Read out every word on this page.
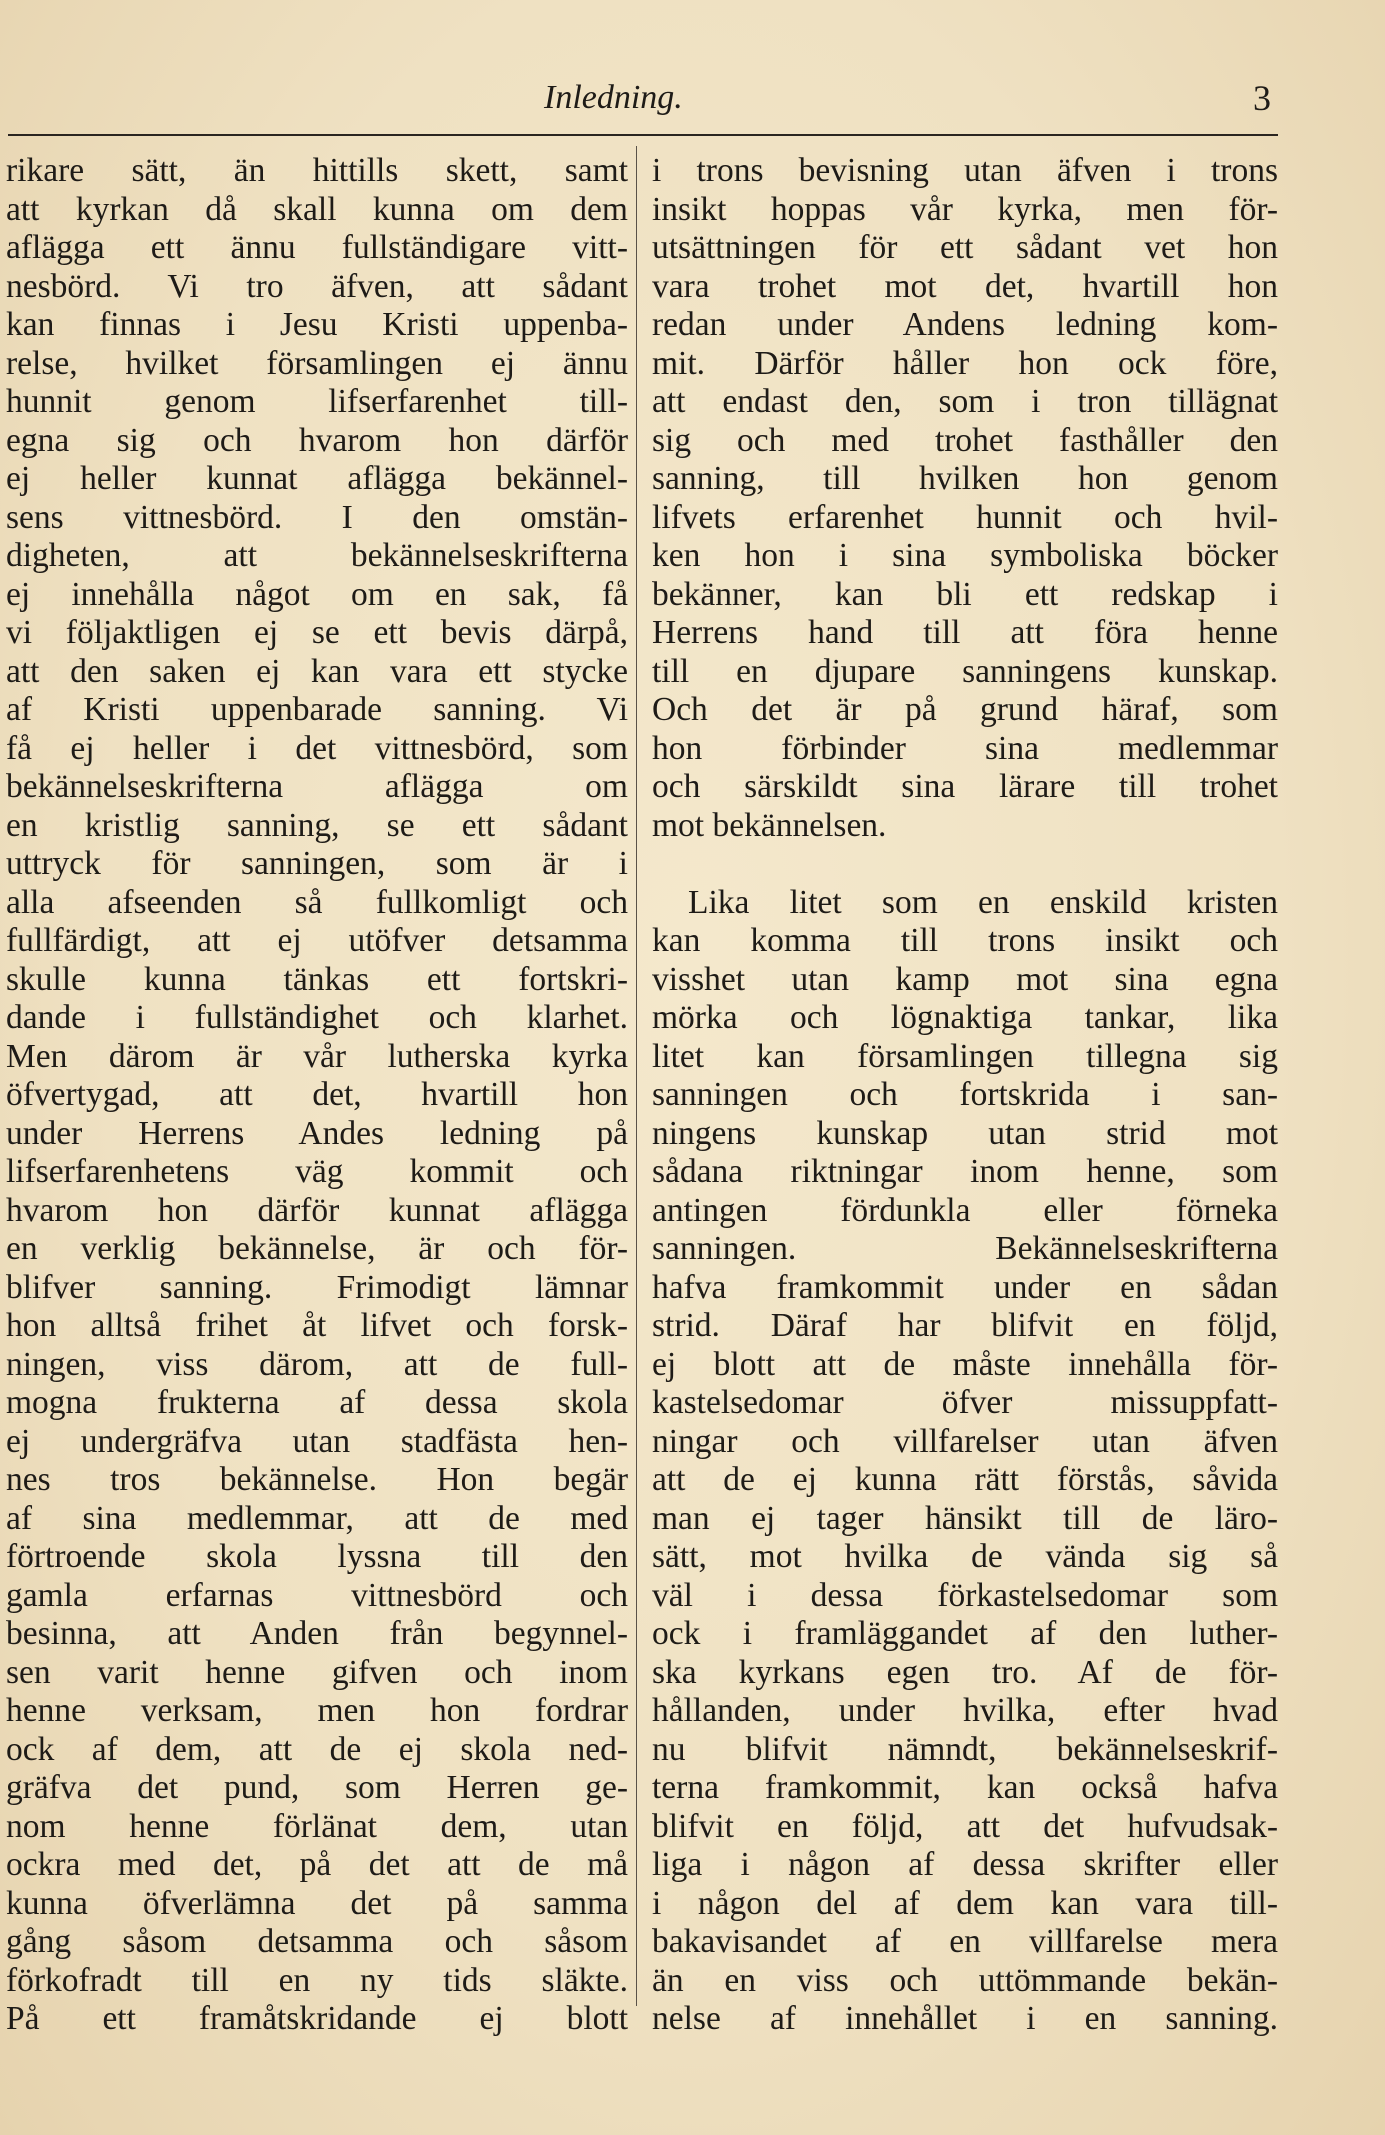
Inledning.	3
rikare sätt, än hittills skett, samt
att kyrkan då skall kunna om dem
aflägga ett ännu fullständigare vitt-
nesbörd. Vi tro äfven, att sådant
kan finnas i Jesu Kristi uppenba-
relse, hvilket församlingen ej ännu
hunnit genom lifserfarenhet till-
egna sig och hvarom hon därför
ej heller kunnat aflägga bekännel-
sens vittnesbörd. I den omstän-
digheten, att bekännelseskrifterna
ej innehålla något om en sak, få
vi följaktligen ej se ett bevis därpå,
att den saken ej kan vara ett stycke
af Kristi uppenbarade sanning. Vi
få ej heller i det vittnesbörd, som
bekännelseskrifterna aflägga om
en kristlig sanning, se ett sådant
uttryck för sanningen, som är i
alla afseenden så fullkomligt och
fullfärdigt, att ej utöfver detsamma
skulle kunna tänkas ett fortskri-
dande i fullständighet och klarhet.
Men därom är vår lutherska kyrka
öfvertygad, att det, hvartill hon
under Herrens Andes ledning på
lifserfarenhetens väg kommit och
hvarom hon därför kunnat aflägga
en verklig bekännelse, är och för-
blifver sanning. Frimodigt lämnar
hon alltså frihet åt lifvet och forsk-
ningen, viss därom, att de full-
mogna frukterna af dessa skola
ej undergräfva utan stadfästa hen-
nes tros bekännelse. Hon begär
af sina medlemmar, att de med
förtroende skola lyssna till den
gamla erfarnas vittnesbörd och
besinna, att Anden från begynnel-
sen varit henne gifven och inom
henne verksam, men hon fordrar
ock af dem, att de ej skola ned-
gräfva det pund, som Herren ge-
nom henne förlänat dem, utan
ockra med det, på det att de må
kunna öfverlämna det på samma
gång såsom detsamma och såsom
förkofradt till en ny tids släkte.
På ett framåtskridande ej blott
i trons bevisning utan äfven i trons
insikt hoppas vår kyrka, men för-
utsättningen för ett sådant vet hon
vara trohet mot det, hvartill hon
redan under Andens ledning kom-
mit. Därför håller hon ock före,
att endast den, som i tron tillägnat
sig och med trohet fasthåller den
sanning, till hvilken hon genom
lifvets erfarenhet hunnit och hvil-
ken hon i sina symboliska böcker
bekänner, kan bli ett redskap i
Herrens hand till att föra henne
till en djupare sanningens kunskap.
Och det är på grund häraf, som
hon förbinder sina medlemmar
och särskildt sina lärare till trohet
mot bekännelsen.
Lika litet som en enskild kristen
kan komma till trons insikt och
visshet utan kamp mot sina egna
mörka och lögnaktiga tankar, lika
litet kan församlingen tillegna sig
sanningen och fortskrida i san-
ningens kunskap utan strid mot
sådana riktningar inom henne, som
antingen fördunkla eller förneka
sanningen. Bekännelseskrifterna
hafva framkommit under en sådan
strid. Däraf har blifvit en följd,
ej blott att de måste innehålla för-
kastelsedomar öfver missuppfatt-
ningar och villfarelser utan äfven
att de ej kunna rätt förstås, såvida
man ej tager hänsikt till de läro-
sätt, mot hvilka de vända sig så
väl i dessa förkastelsedomar som
ock i framläggandet af den luther-
ska kyrkans egen tro. Af de för-
hållanden, under hvilka, efter hvad
nu blifvit nämndt, bekännelseskrif-
terna framkommit, kan också hafva
blifvit en följd, att det hufvudsak-
liga i någon af dessa skrifter eller
i någon del af dem kan vara till-
bakavisandet af en villfarelse mera
än en viss och uttömmande bekän-
nelse af innehållet i en sanning.
